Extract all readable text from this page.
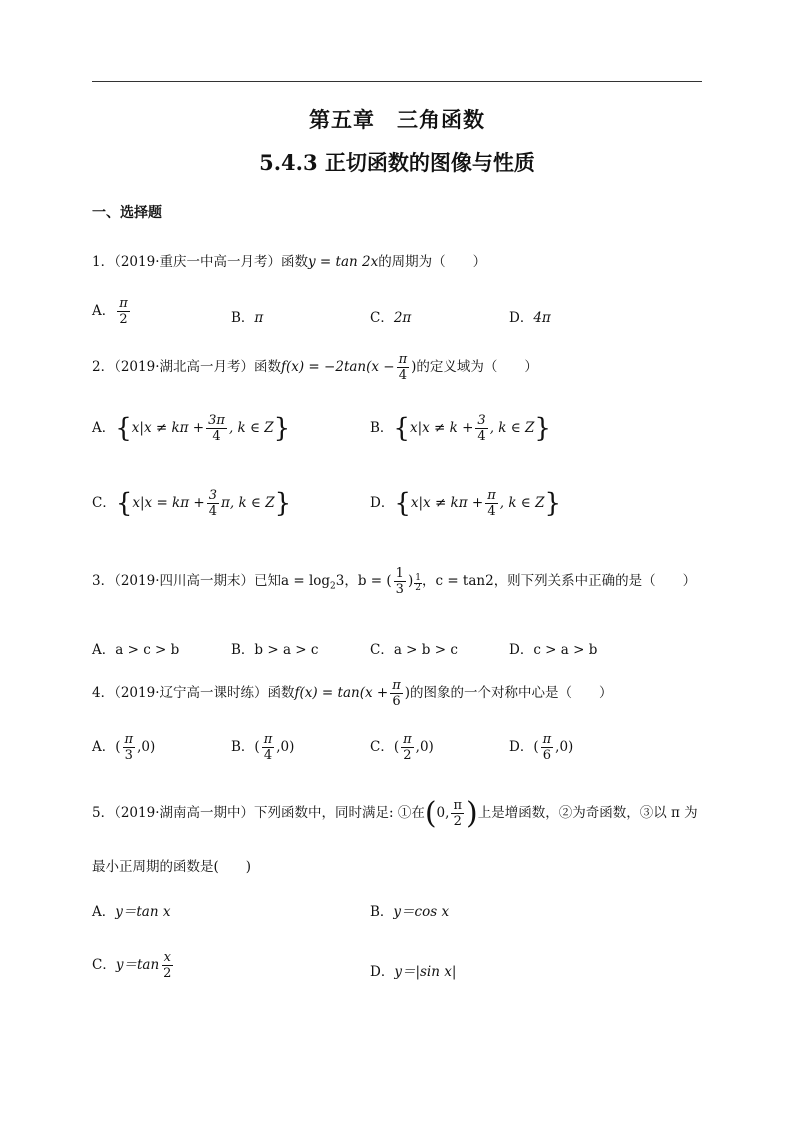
第五章　三角函数
5.4.3 正切函数的图像与性质
一、选择题
1．（2019·重庆一中高一月考）函数y = tan 2x的周期为（　　）
A． $\frac{\pi}{2}$	B．π	C．2π	D．4π
2．（2019·湖北高一月考）函数$f(x) = -2\tan(x - \frac{\pi}{4}$ )的定义域为（　　）
A．{$x|x \ne k\pi + \frac{3\pi}{4}$ , k ∈ Z}	B．{$x|x \ne k + \frac{3}{4}$ , k ∈ Z}
C．{$x|x = k\pi + \frac{3}{4} \pi$, k ∈ Z}	D．{$x|x \ne k\pi + \frac{\pi}{4}$ , k ∈ Z}
3．（2019·四川高一期末）已知$a = \log_23$，b = ( $\frac{1}{3}$ ) $\frac{1}{2}$ ，c = tan2，则下列关系中正确的是（　　）
A．a > c > b	B．b > a > c	C．a > b > c	D．c > a > b
4．（2019·辽宁高一课时练）函数$f(x) = \tan(x + \frac{\pi}{6}$ )的图象的一个对称中心是（　　）
A．( $\frac{\pi}{3} ,0$)	B．( $\frac{\pi}{4} ,0$)	C．( $\frac{\pi}{2} ,0$)	D．( $\frac{\pi}{6} ,0$)
5．（2019·湖南高一期中）下列函数中，同时满足: ①在(0, $\frac{\pi}{2}$ )上是增函数，②为奇函数，③以 π 为
最小正周期的函数是(　　)
A．y＝tan x	B．y＝cos x
C．$y=\tan \frac{x}{2}$	D．y＝|sin x|
